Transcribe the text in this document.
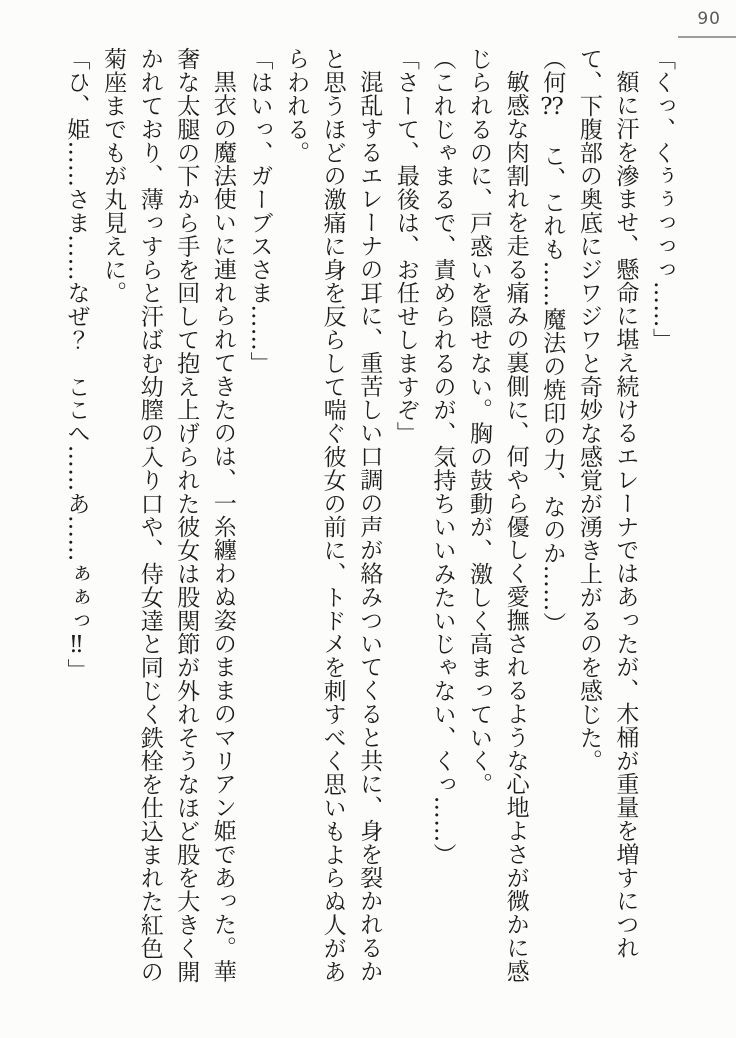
90

「くっ、くぅぅっっっ……」

額に汗を滲ませ、懸命に堪え続けるエレーナではあったが、木桶が重量を増すにつれて、下腹部の奥底にジワジワと奇妙な感覚が湧き上がるのを感じた。

（何⁇　こ、これも……魔法の焼印の力、なのか……）

敏感な肉割れを走る痛みの裏側に、何やら優しく愛撫されるような心地よさが微かに感じられるのに、戸惑いを隠せない。胸の鼓動が、激しく高まっていく。

（これじゃまるで、責められるのが、気持ちいいみたいじゃない、くっ……）

「さーて、最後は、お任せしますぞ」

混乱するエレーナの耳に、重苦しい口調の声が絡みついてくると共に、身を裂かれるかと思うほどの激痛に身を反らして喘ぐ彼女の前に、トドメを刺すべく思いもよらぬ人があらわれる。

「はいっ、ガーブスさま……」

黒衣の魔法使いに連れられてきたのは、一糸纏わぬ姿のままのマリアン姫であった。華奢な太腿の下から手を回して抱え上げられた彼女は股関節が外れそうなほど股を大きく開かれており、薄っすらと汗ばむ幼膣の入り口や、侍女達と同じく鉄栓を仕込まれた紅色の菊座までもが丸見えに。

「ひ、姫……さま……なぜ？　ここへ……あ……ぁぁっ‼」
